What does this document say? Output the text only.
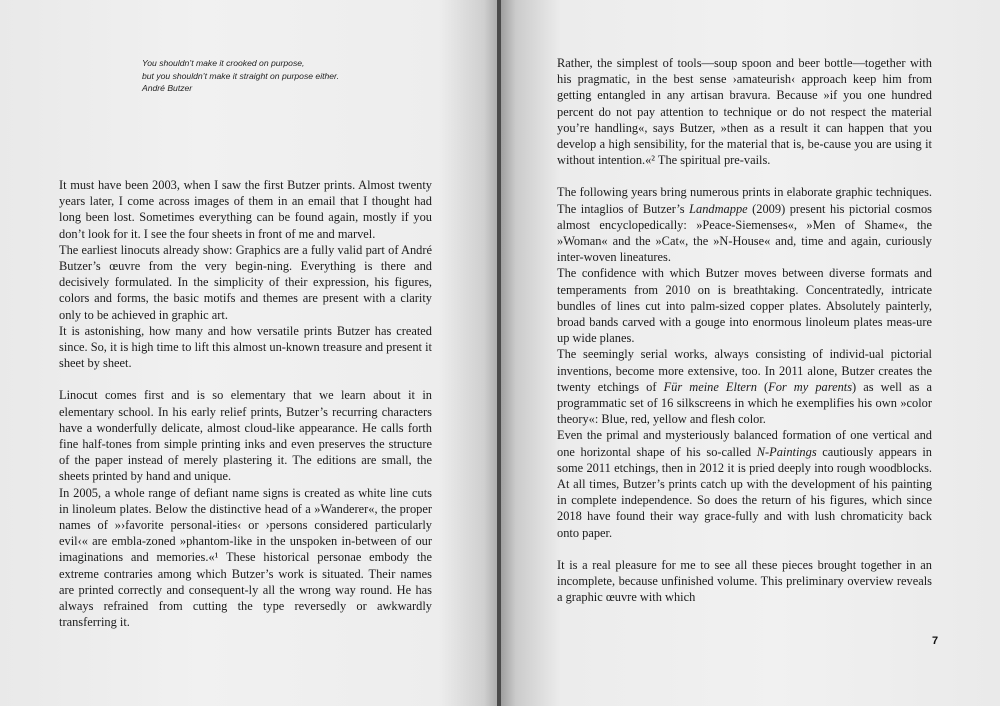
You shouldn’t make it crooked on purpose,
but you shouldn’t make it straight on purpose either.
André Butzer

It must have been 2003, when I saw the first Butzer prints. Almost twenty years later, I come across images of them in an email that I thought had long been lost. Sometimes everything can be found again, mostly if you don’t look for it. I see the four sheets in front of me and marvel.

The earliest linocuts already show: Graphics are a fully valid part of André Butzer’s œuvre from the very begin-ning. Everything is there and decisively formulated. In the simplicity of their expression, his figures, colors and forms, the basic motifs and themes are present with a clarity only to be achieved in graphic art.

It is astonishing, how many and how versatile prints Butzer has created since. So, it is high time to lift this almost un-known treasure and present it sheet by sheet.

Linocut comes first and is so elementary that we learn about it in elementary school. In his early relief prints, Butzer’s recurring characters have a wonderfully delicate, almost cloud-like appearance. He calls forth fine half-tones from simple printing inks and even preserves the structure of the paper instead of merely plastering it. The editions are small, the sheets printed by hand and unique.

In 2005, a whole range of defiant name signs is created as white line cuts in linoleum plates. Below the distinctive head of a »Wanderer«, the proper names of »›favorite personal-ities‹ or ›persons considered particularly evil‹« are embla-zoned »phantom-like in the unspoken in-between of our imaginations and memories.«¹ These historical personae embody the extreme contraries among which Butzer’s work is situated. Their names are printed correctly and consequent-ly all the wrong way round. He has always refrained from cutting the type reversedly or awkwardly transferring it.

Rather, the simplest of tools—soup spoon and beer bottle—together with his pragmatic, in the best sense ›amateurish‹ approach keep him from getting entangled in any artisan bravura. Because »if you one hundred percent do not pay attention to technique or do not respect the material you’re handling«, says Butzer, »then as a result it can happen that you develop a high sensibility, for the material that is, be-cause you are using it without intention.«² The spiritual pre-vails.

The following years bring numerous prints in elaborate graphic techniques. The intaglios of Butzer’s Landmappe (2009) present his pictorial cosmos almost encyclopedically: »Peace-Siemenses«, »Men of Shame«, the »Woman« and the »Cat«, the »N-House« and, time and again, curiously inter-woven lineatures.

The confidence with which Butzer moves between diverse formats and temperaments from 2010 on is breathtaking. Concentratedly, intricate bundles of lines cut into palm-sized copper plates. Absolutely painterly, broad bands carved with a gouge into enormous linoleum plates meas-ure up wide planes.

The seemingly serial works, always consisting of individ-ual pictorial inventions, become more extensive, too. In 2011 alone, Butzer creates the twenty etchings of Für meine Eltern (For my parents) as well as a programmatic set of 16 silkscreens in which he exemplifies his own »color theory«: Blue, red, yellow and flesh color.

Even the primal and mysteriously balanced formation of one vertical and one horizontal shape of his so-called N-Paintings cautiously appears in some 2011 etchings, then in 2012 it is pried deeply into rough woodblocks. At all times, Butzer’s prints catch up with the development of his painting in complete independence. So does the return of his figures, which since 2018 have found their way grace-fully and with lush chromaticity back onto paper.

It is a real pleasure for me to see all these pieces brought together in an incomplete, because unfinished volume. This preliminary overview reveals a graphic œuvre with which

7
